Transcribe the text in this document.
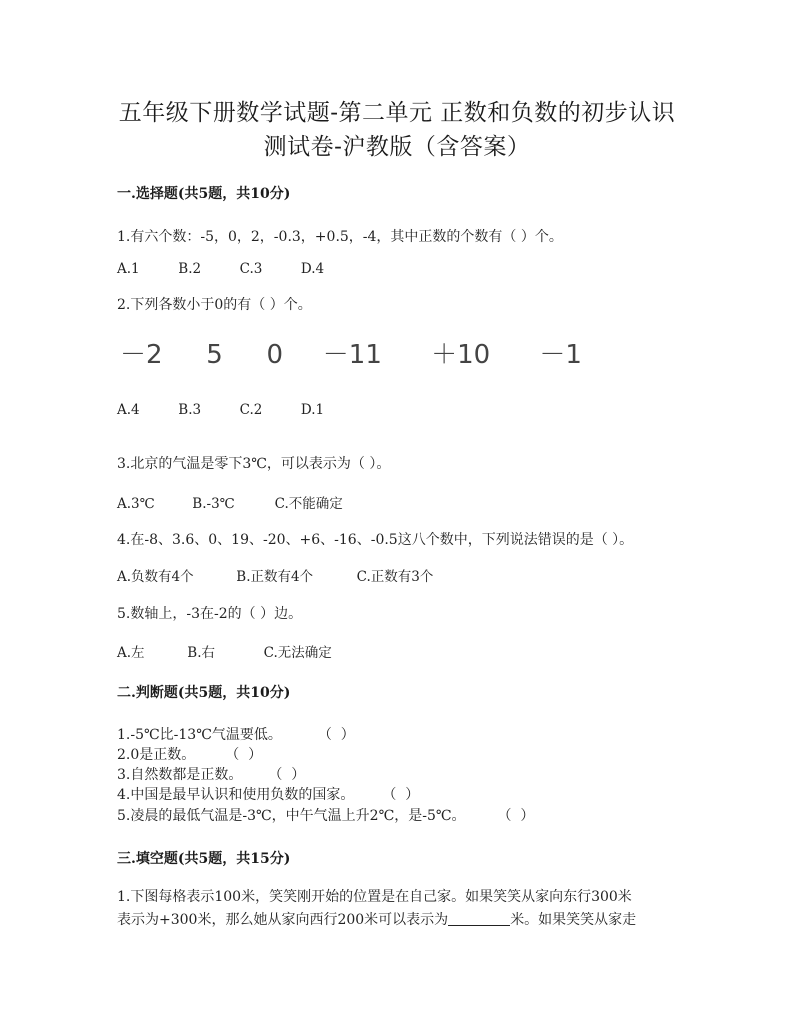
五年级下册数学试题-第二单元 正数和负数的初步认识
测试卷-沪教版（含答案）
一.选择题(共5题，共10分)
1.有六个数：-5，0，2，-0.3，+0.5，-4，其中正数的个数有（ ）个。
A.1	B.2	C.3	D.4
2.下列各数小于0的有（ ）个。
－2 5 0 －11 ＋10 －1
A.4	B.3	C.2	D.1
3.北京的气温是零下3℃，可以表示为（ ）。
A.3℃	B.-3℃	C.不能确定
4.在-8、3.6、0、19、-20、+6、-16、-0.5这八个数中，下列说法错误的是（ ）。
A.负数有4个	B.正数有4个	C.正数有3个
5.数轴上，-3在-2的（ ）边。
A.左	B.右	C.无法确定
二.判断题(共5题，共10分)
1.-5℃比-13℃气温要低。	（  ）
2.0是正数。 （  ）
3.自然数都是正数。 （  ）
4.中国是最早认识和使用负数的国家。 （  ）
5.凌晨的最低气温是-3℃，中午气温上升2℃，是-5℃。 （  ）
三.填空题(共5题，共15分)
1.下图每格表示100米，笑笑刚开始的位置是在自己家。如果笑笑从家向东行300米
表示为+300米，那么她从家向西行200米可以表示为	米。如果笑笑从家走
